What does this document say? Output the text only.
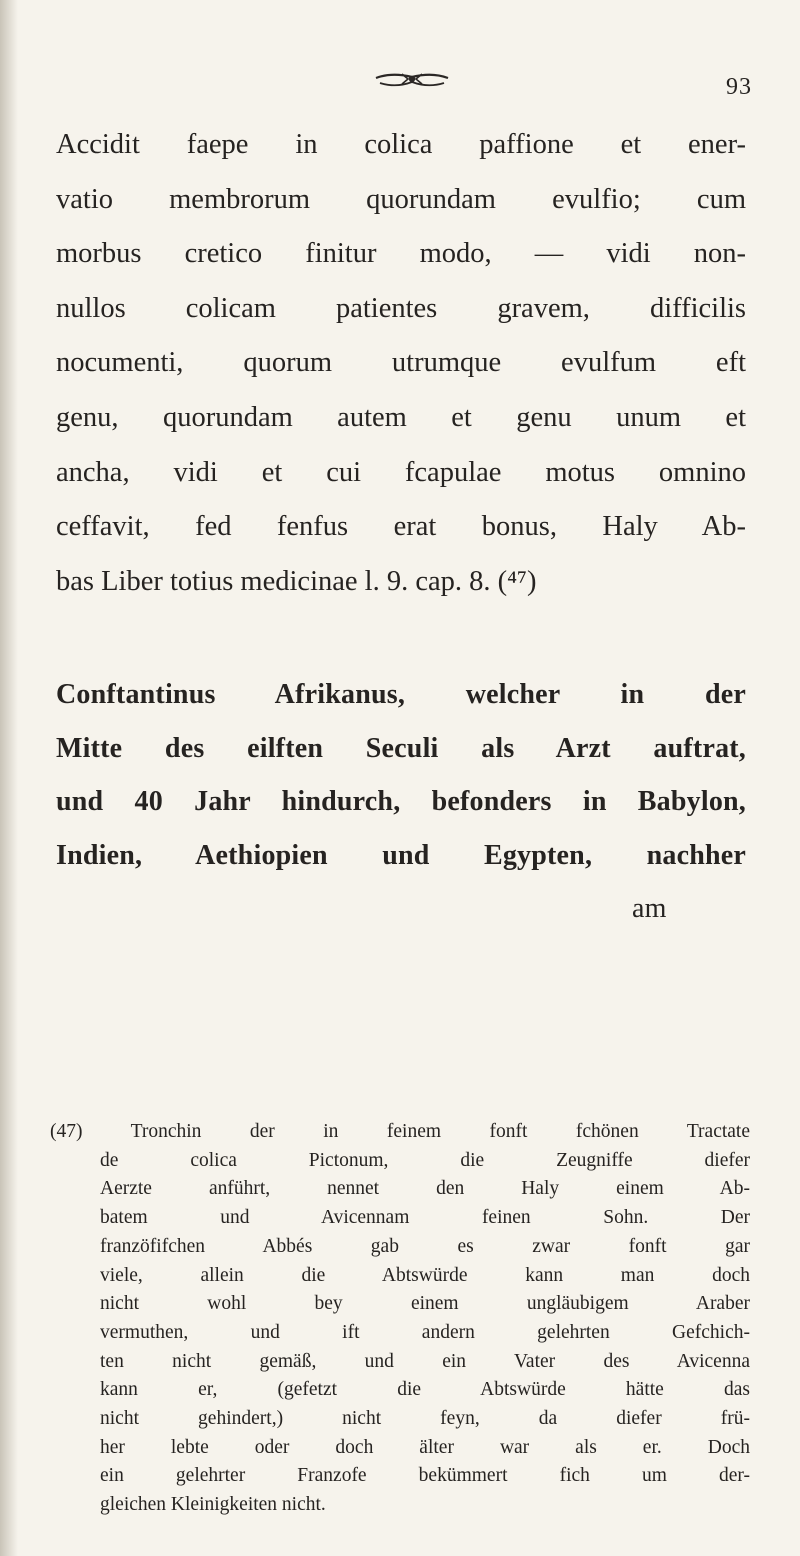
93
Accidit faepe in colica paffione et ener-
vatio membrorum quorundam evulfio; cum
morbus cretico finitur modo, — vidi non-
nullos colicam patientes gravem, difficilis
nocumenti, quorum utrumque evulfum eft
genu, quorundam autem et genu unum et
ancha, vidi et cui fcapulae motus omnino
ceffavit, fed fenfus erat bonus, Haly Ab-
bas Liber totius medicinae l. 9. cap. 8. (⁴⁷)
Conftantinus Afrikanus, welcher in der
Mitte des eilften Seculi als Arzt auftrat,
und 40 Jahr hindurch, befonders in Babylon,
Indien, Aethiopien und Egypten, nachher
am
(47) Tronchin der in feinem fonft fchönen Tractate
de colica Pictonum, die Zeugniffe diefer
Aerzte anführt, nennet den Haly einem Ab-
batem und Avicennam feinen Sohn. Der
franzöfifchen Abbés gab es zwar fonft gar
viele, allein die Abtswürde kann man doch
nicht wohl bey einem ungläubigem Araber
vermuthen, und ift andern gelehrten Gefchich-
ten nicht gemäß, und ein Vater des Avicenna
kann er, (gefetzt die Abtswürde hätte das
nicht gehindert,) nicht feyn, da diefer frü-
her lebte oder doch älter war als er. Doch
ein gelehrter Franzofe bekümmert fich um der-
gleichen Kleinigkeiten nicht.
